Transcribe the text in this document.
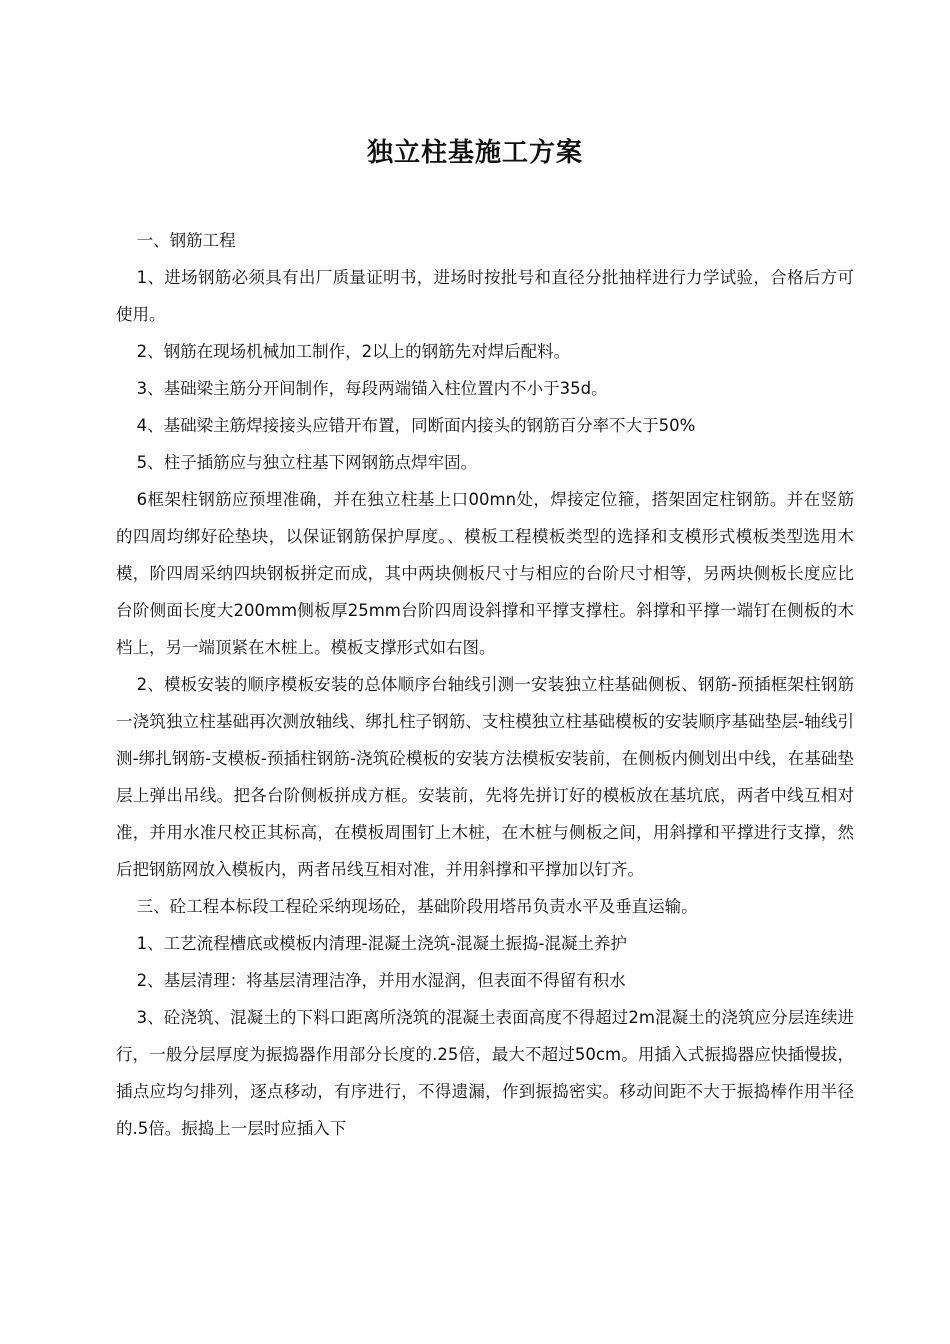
独立柱基施工方案

一、钢筋工程

1、进场钢筋必须具有出厂质量证明书，进场时按批号和直径分批抽样进行力学试验，合格后方可使用。

2、钢筋在现场机械加工制作，2以上的钢筋先对焊后配料。

3、基础梁主筋分开间制作，每段两端锚入柱位置内不小于35d。

4、基础梁主筋焊接接头应错开布置，同断面内接头的钢筋百分率不大于50%

5、柱子插筋应与独立柱基下网钢筋点焊牢固。

6框架柱钢筋应预埋准确，并在独立柱基上口00mn处，焊接定位箍，搭架固定柱钢筋。并在竖筋的四周均绑好砼垫块，以保证钢筋保护厚度。、模板工程模板类型的选择和支模形式模板类型选用木模，阶四周采纳四块钢板拼定而成，其中两块侧板尺寸与相应的台阶尺寸相等，另两块侧板长度应比台阶侧面长度大200mm侧板厚25mm台阶四周设斜撑和平撑支撑柱。斜撑和平撑一端钉在侧板的木档上，另一端顶紧在木桩上。模板支撑形式如右图。

2、模板安装的顺序模板安装的总体顺序台轴线引测一安装独立柱基础侧板、钢筋-预插框架柱钢筋一浇筑独立柱基础再次测放轴线、绑扎柱子钢筋、支柱模独立柱基础模板的安装顺序基础垫层-轴线引测-绑扎钢筋-支模板-预插柱钢筋-浇筑砼模板的安装方法模板安装前，在侧板内侧划出中线，在基础垫层上弹出吊线。把各台阶侧板拼成方框。安装前，先将先拼订好的模板放在基坑底，两者中线互相对准，并用水准尺校正其标高，在模板周围钉上木桩，在木桩与侧板之间，用斜撑和平撑进行支撑，然后把钢筋网放入模板内，两者吊线互相对准，并用斜撑和平撑加以钉齐。

三、砼工程本标段工程砼采纳现场砼，基础阶段用塔吊负责水平及垂直运输。

1、工艺流程槽底或模板内清理-混凝土浇筑-混凝土振捣-混凝土养护

2、基层清理：将基层清理洁净，并用水湿润，但表面不得留有积水

3、砼浇筑、混凝土的下料口距离所浇筑的混凝土表面高度不得超过2m混凝土的浇筑应分层连续进行，一般分层厚度为振捣器作用部分长度的.25倍，最大不超过50cm。用插入式振捣器应快插慢拔，插点应均匀排列，逐点移动，有序进行，不得遗漏，作到振捣密实。移动间距不大于振捣棒作用半径的.5倍。振捣上一层时应插入下
